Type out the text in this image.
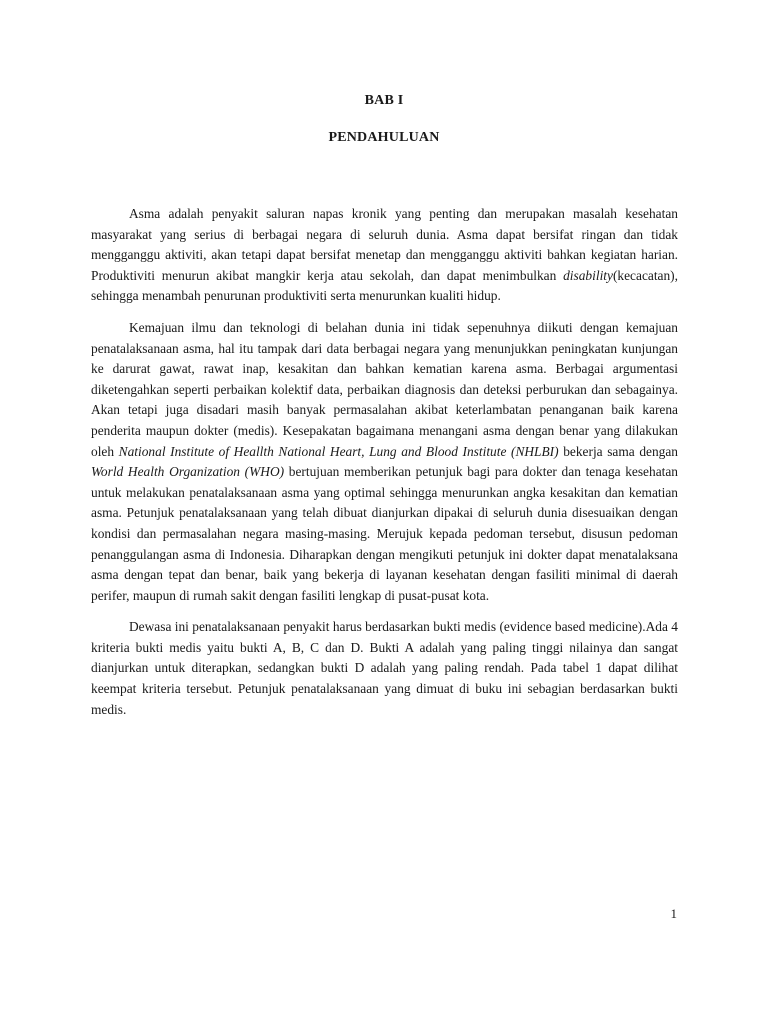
BAB I
PENDAHULUAN

Asma adalah penyakit saluran napas kronik yang penting dan merupakan masalah kesehatan masyarakat yang serius di berbagai negara di seluruh dunia. Asma dapat bersifat ringan dan tidak mengganggu aktiviti, akan tetapi dapat bersifat menetap dan mengganggu aktiviti bahkan kegiatan harian. Produktiviti menurun akibat mangkir kerja atau sekolah, dan dapat menimbulkan disability(kecacatan), sehingga menambah penurunan produktiviti serta menurunkan kualiti hidup.

Kemajuan ilmu dan teknologi di belahan dunia ini tidak sepenuhnya diikuti dengan kemajuan penatalaksanaan asma, hal itu tampak dari data berbagai negara yang menunjukkan peningkatan kunjungan ke darurat gawat, rawat inap, kesakitan dan bahkan kematian karena asma. Berbagai argumentasi diketengahkan seperti perbaikan kolektif data, perbaikan diagnosis dan deteksi perburukan dan sebagainya. Akan tetapi juga disadari masih banyak permasalahan akibat keterlambatan penanganan baik karena penderita maupun dokter (medis). Kesepakatan bagaimana menangani asma dengan benar yang dilakukan oleh National Institute of Heallth National Heart, Lung and Blood Institute (NHLBI) bekerja sama dengan World Health Organization (WHO) bertujuan memberikan petunjuk bagi para dokter dan tenaga kesehatan untuk melakukan penatalaksanaan asma yang optimal sehingga menurunkan angka kesakitan dan kematian asma. Petunjuk penatalaksanaan yang telah dibuat dianjurkan dipakai di seluruh dunia disesuaikan dengan kondisi dan permasalahan negara masing-masing. Merujuk kepada pedoman tersebut, disusun pedoman penanggulangan asma di Indonesia. Diharapkan dengan mengikuti petunjuk ini dokter dapat menatalaksana asma dengan tepat dan benar, baik yang bekerja di layanan kesehatan dengan fasiliti minimal di daerah perifer, maupun di rumah sakit dengan fasiliti lengkap di pusat-pusat kota.

Dewasa ini penatalaksanaan penyakit harus berdasarkan bukti medis (evidence based medicine).Ada 4 kriteria bukti medis yaitu bukti A, B, C dan D. Bukti A adalah yang paling tinggi nilainya dan sangat dianjurkan untuk diterapkan, sedangkan bukti D adalah yang paling rendah. Pada tabel 1 dapat dilihat keempat kriteria tersebut. Petunjuk penatalaksanaan yang dimuat di buku ini sebagian berdasarkan bukti medis.

1
